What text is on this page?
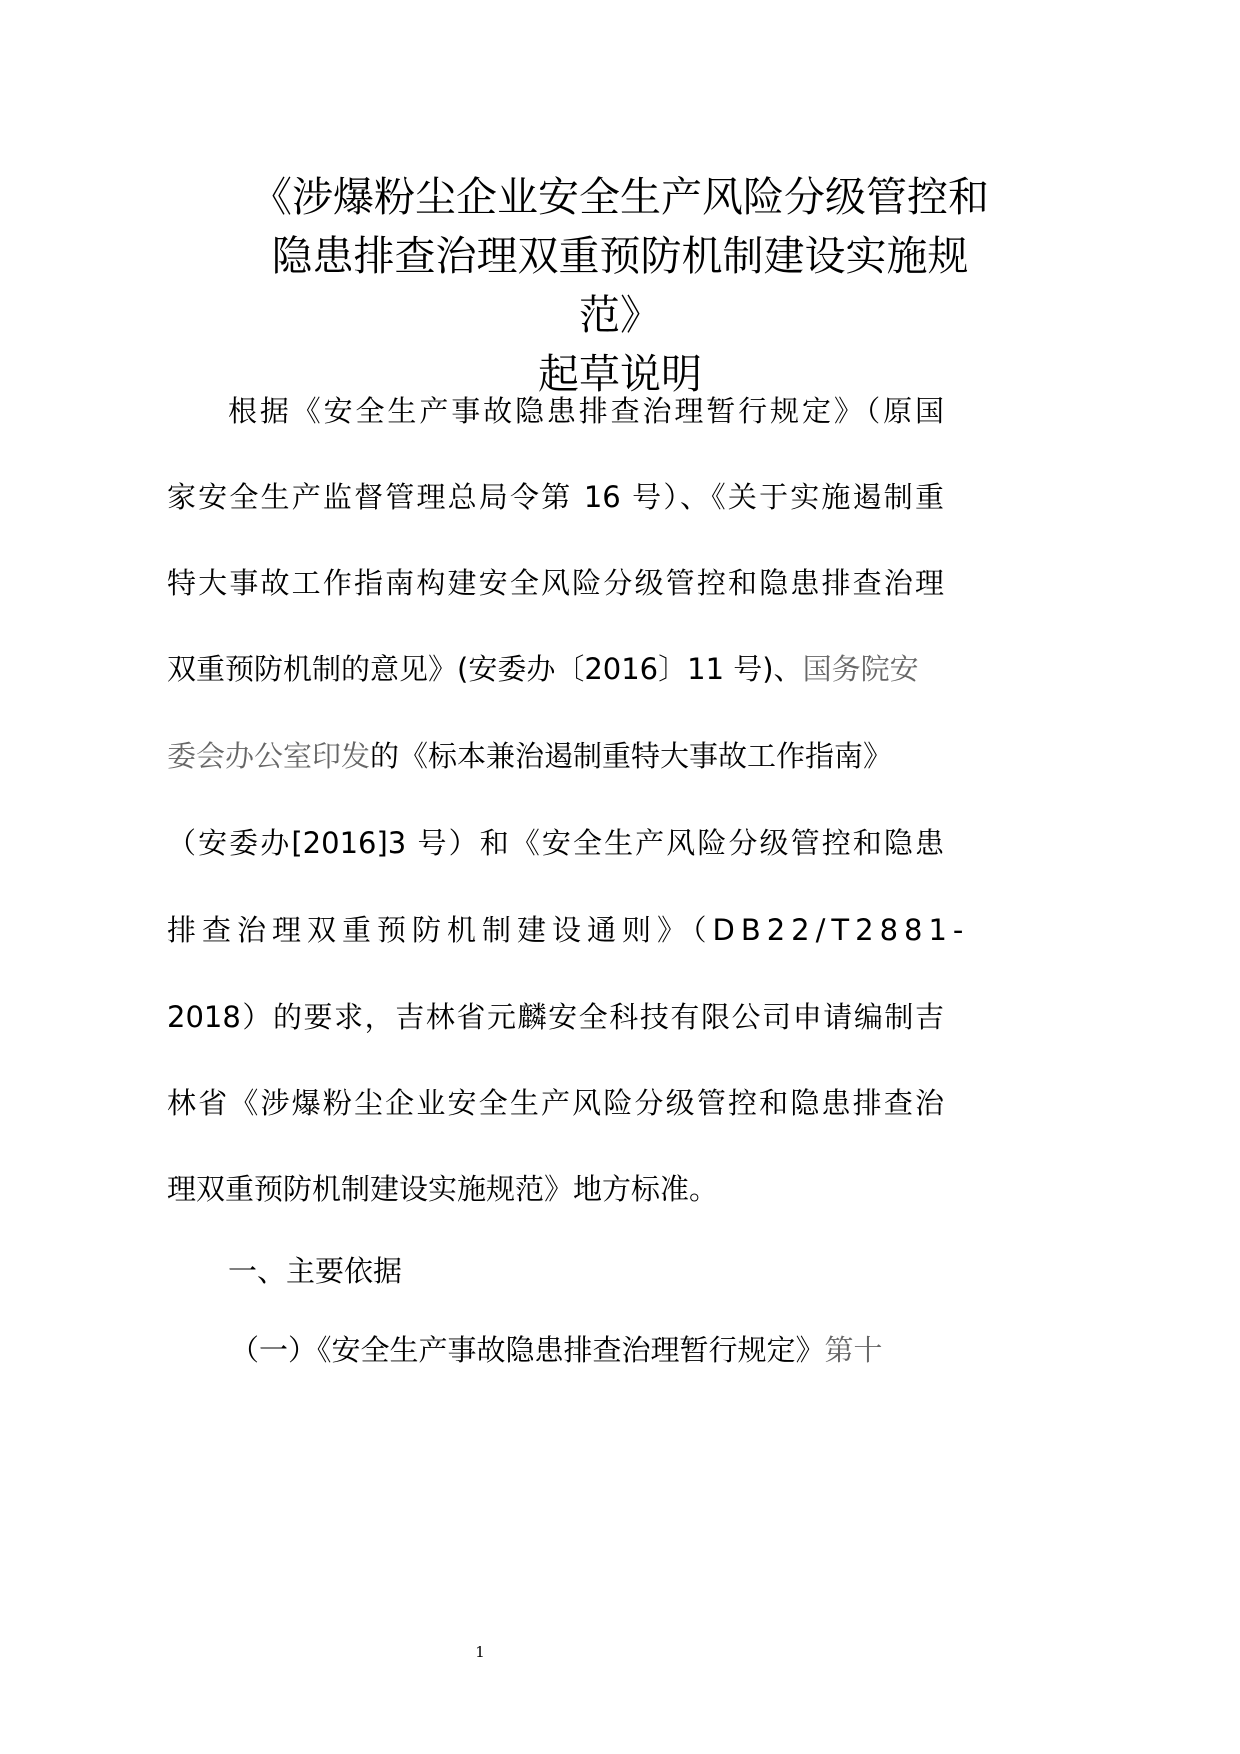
《涉爆粉尘企业安全生产风险分级管控和
隐患排查治理双重预防机制建设实施规
范》
起草说明
根据《安全生产事故隐患排查治理暂行规定》（原国
家安全生产监督管理总局令第 16 号）、《关于实施遏制重
特大事故工作指南构建安全风险分级管控和隐患排查治理
双重预防机制的意见》(安委办〔2016〕11 号)、国务院安
委会办公室印发的《标本兼治遏制重特大事故工作指南》
（安委办[2016]3 号）和《安全生产风险分级管控和隐患
排查治理双重预防机制建设通则》（DB22/T2881-
2018）的要求，吉林省元麟安全科技有限公司申请编制吉
林省《涉爆粉尘企业安全生产风险分级管控和隐患排查治
理双重预防机制建设实施规范》地方标准。
一、主要依据
（一）《安全生产事故隐患排查治理暂行规定》第十
1
